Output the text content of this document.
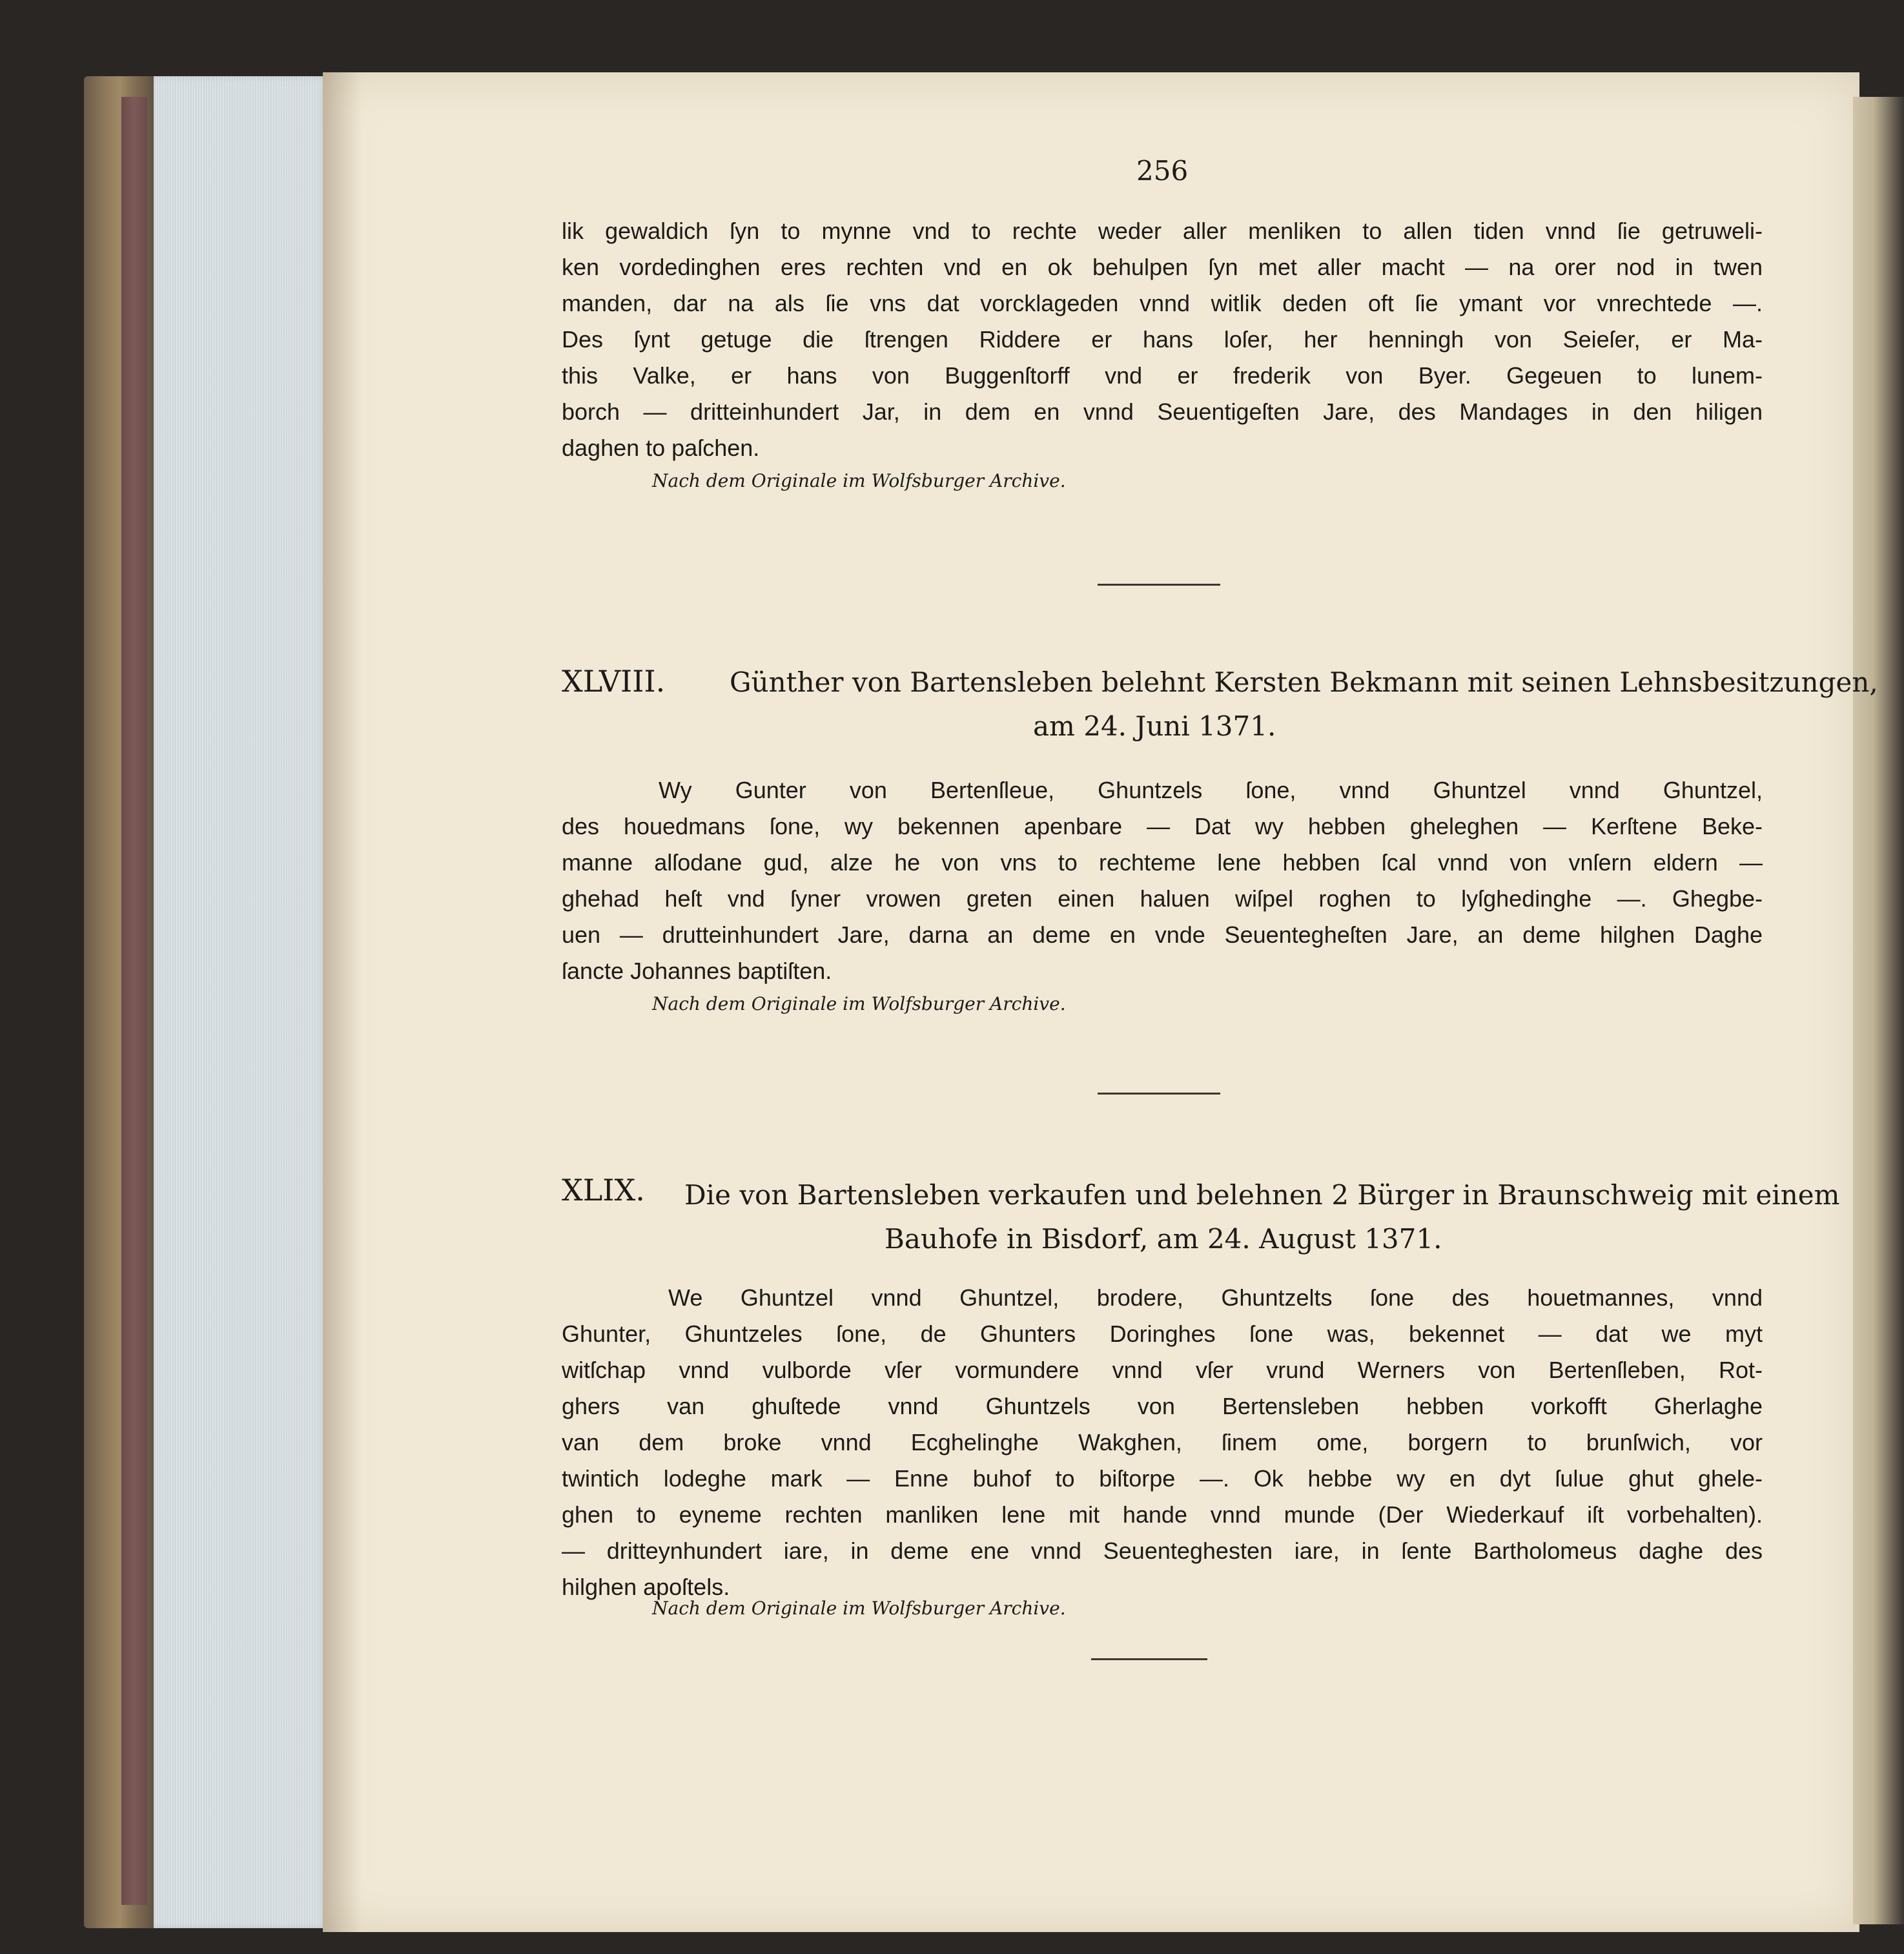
256
lik gewaldich ſyn to mynne vnd to rechte weder aller menliken to allen tiden vnnd ſie getruweli-
ken vordedinghen eres rechten vnd en ok behulpen ſyn met aller macht — na orer nod in twen
manden, dar na als ſie vns dat vorcklageden vnnd witlik deden oft ſie ymant vor vnrechtede —.
Des ſynt getuge die ſtrengen Riddere er hans loſer, her henningh von Seieſer, er Ma-
this Valke, er hans von Buggenſtorff vnd er frederik von Byer. Gegeuen to lunem-
borch — dritteinhundert Jar, in dem en vnnd Seuentigeſten Jare, des Mandages in den hiligen
daghen to paſchen.
Nach dem Originale im Wolfsburger Archive.
XLVIII. Günther von Bartensleben belehnt Kersten Bekmann mit seinen Lehnsbesitzungen,
am 24. Juni 1371.
Wy Gunter von Bertenſleue, Ghuntzels ſone, vnnd Ghuntzel vnnd Ghuntzel,
des houedmans ſone, wy bekennen apenbare — Dat wy hebben gheleghen — Kerſtene Beke-
manne alſodane gud, alze he von vns to rechteme lene hebben ſcal vnnd von vnſern eldern —
ghehad heſt vnd ſyner vrowen greten einen haluen wiſpel roghen to lyſghedinghe —. Ghegbe-
uen — drutteinhundert Jare, darna an deme en vnde Seuentegheſten Jare, an deme hilghen Daghe
ſancte Johannes baptiſten.
Nach dem Originale im Wolfsburger Archive.
XLIX. Die von Bartensleben verkaufen und belehnen 2 Bürger in Braunschweig mit einem
Bauhofe in Bisdorf, am 24. August 1371.
We Ghuntzel vnnd Ghuntzel, brodere, Ghuntzelts ſone des houetmannes, vnnd
Ghunter, Ghuntzeles ſone, de Ghunters Doringhes ſone was, bekennet — dat we myt
witſchap vnnd vulborde vſer vormundere vnnd vſer vrund Werners von Bertenſleben, Rot-
ghers van ghuſtede vnnd Ghuntzels von Bertensleben hebben vorkofft Gherlaghe
van dem broke vnnd Ecghelinghe Wakghen, ſinem ome, borgern to brunſwich, vor
twintich lodeghe mark — Enne buhof to biſtorpe —. Ok hebbe wy en dyt ſulue ghut ghele-
ghen to eyneme rechten manliken lene mit hande vnnd munde (Der Wiederkauf iſt vorbehalten).
— dritteynhundert iare, in deme ene vnnd Seuenteghesten iare, in ſente Bartholomeus daghe des
hilghen apoſtels.
Nach dem Originale im Wolfsburger Archive.
